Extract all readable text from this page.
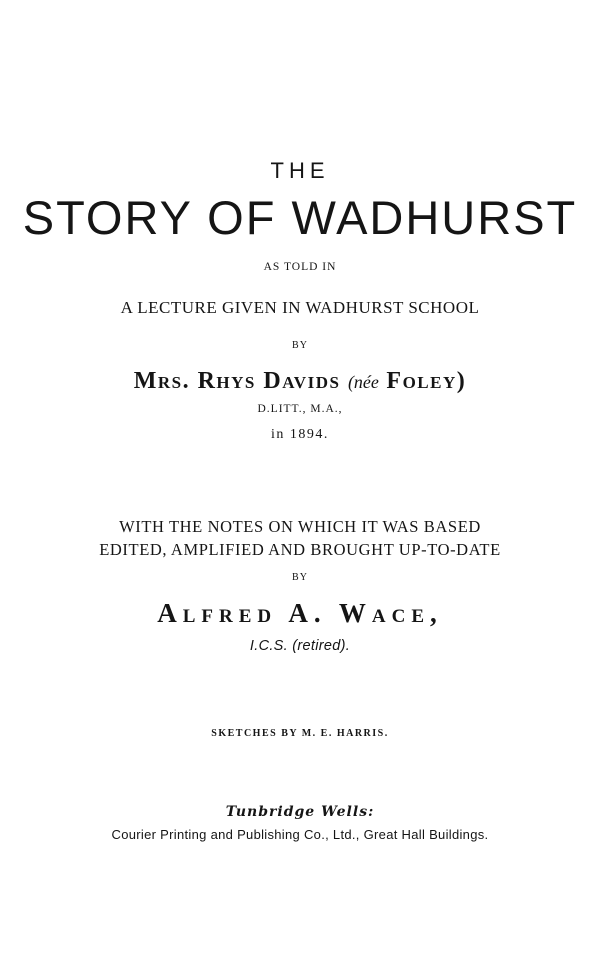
THE
STORY OF WADHURST
AS TOLD IN
A LECTURE GIVEN IN WADHURST SCHOOL
BY
Mrs. Rhys Davids (née Foley)
D.LITT., M.A.,
in 1894.
WITH THE NOTES ON WHICH IT WAS BASED
EDITED, AMPLIFIED AND BROUGHT UP-TO-DATE
BY
Alfred A. Wace,
I.C.S. (retired).
SKETCHES BY M. E. HARRIS.
Tunbridge Wells:
Courier Printing and Publishing Co., Ltd., Great Hall Buildings.
